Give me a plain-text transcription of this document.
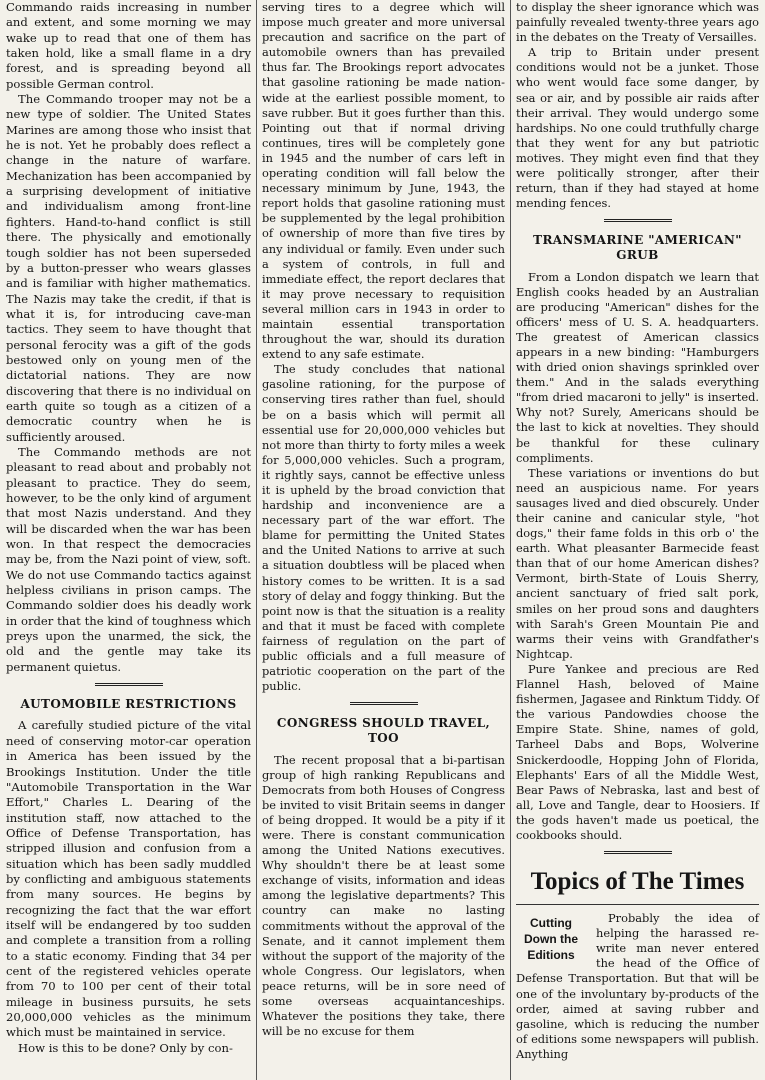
Commando raids increasing in number and extent, and some morning we may wake up to read that one of them has taken hold, like a small flame in a dry forest, and is spreading beyond all possible German control.

The Commando trooper may not be a new type of soldier. The United States Marines are among those who insist that he is not. Yet he probably does reflect a change in the nature of warfare. Mechanization has been accompanied by a surprising development of initiative and individualism among front-line fighters. Hand-to-hand conflict is still there. The physically and emotionally tough soldier has not been superseded by a button-presser who wears glasses and is familiar with higher mathematics. The Nazis may take the credit, if that is what it is, for introducing cave-man tactics. They seem to have thought that personal ferocity was a gift of the gods bestowed only on young men of the dictatorial nations. They are now discovering that there is no individual on earth quite so tough as a citizen of a democratic country when he is sufficiently aroused.

The Commando methods are not pleasant to read about and probably not pleasant to practice. They do seem, however, to be the only kind of argument that most Nazis understand. And they will be discarded when the war has been won. In that respect the democracies may be, from the Nazi point of view, soft. We do not use Commando tactics against helpless civilians in prison camps. The Commando soldier does his deadly work in order that the kind of toughness which preys upon the unarmed, the sick, the old and the gentle may take its permanent quietus.

AUTOMOBILE RESTRICTIONS

A carefully studied picture of the vital need of conserving motor-car operation in America has been issued by the Brookings Institution. Under the title "Automobile Transportation in the War Effort," Charles L. Dearing of the institution staff, now attached to the Office of Defense Transportation, has stripped illusion and confusion from a situation which has been sadly muddled by conflicting and ambiguous statements from many sources. He begins by recognizing the fact that the war effort itself will be endangered by too sudden and complete a transition from a rolling to a static economy. Finding that 34 per cent of the registered vehicles operate from 70 to 100 per cent of their total mileage in business pursuits, he sets 20,000,000 vehicles as the minimum which must be maintained in service.

How is this to be done? Only by con-

serving tires to a degree which will impose much greater and more universal precaution and sacrifice on the part of automobile owners than has prevailed thus far. The Brookings report advocates that gasoline rationing be made nation-wide at the earliest possible moment, to save rubber. But it goes further than this. Pointing out that if normal driving continues, tires will be completely gone in 1945 and the number of cars left in operating condition will fall below the necessary minimum by June, 1943, the report holds that gasoline rationing must be supplemented by the legal prohibition of ownership of more than five tires by any individual or family. Even under such a system of controls, in full and immediate effect, the report declares that it may prove necessary to requisition several million cars in 1943 in order to maintain essential transportation throughout the war, should its duration extend to any safe estimate.

The study concludes that national gasoline rationing, for the purpose of conserving tires rather than fuel, should be on a basis which will permit all essential use for 20,000,000 vehicles but not more than thirty to forty miles a week for 5,000,000 vehicles. Such a program, it rightly says, cannot be effective unless it is upheld by the broad conviction that hardship and inconvenience are a necessary part of the war effort. The blame for permitting the United States and the United Nations to arrive at such a situation doubtless will be placed when history comes to be written. It is a sad story of delay and foggy thinking. But the point now is that the situation is a reality and that it must be faced with complete fairness of regulation on the part of public officials and a full measure of patriotic cooperation on the part of the public.

CONGRESS SHOULD TRAVEL, TOO

The recent proposal that a bi-partisan group of high ranking Republicans and Democrats from both Houses of Congress be invited to visit Britain seems in danger of being dropped. It would be a pity if it were. There is constant communication among the United Nations executives. Why shouldn't there be at least some exchange of visits, information and ideas among the legislative departments? This country can make no lasting commitments without the approval of the Senate, and it cannot implement them without the support of the majority of the whole Congress. Our legislators, when peace returns, will be in sore need of some overseas acquaintanceships. Whatever the positions they take, there will be no excuse for them

to display the sheer ignorance which was painfully revealed twenty-three years ago in the debates on the Treaty of Versailles.

A trip to Britain under present conditions would not be a junket. Those who went would face some danger, by sea or air, and by possible air raids after their arrival. They would undergo some hardships. No one could truthfully charge that they went for any but patriotic motives. They might even find that they were politically stronger, after their return, than if they had stayed at home mending fences.

TRANSMARINE "AMERICAN" GRUB

From a London dispatch we learn that English cooks headed by an Australian are producing "American" dishes for the officers' mess of U. S. A. headquarters. The greatest of American classics appears in a new binding: "Hamburgers with dried onion shavings sprinkled over them." And in the salads everything "from dried macaroni to jelly" is inserted. Why not? Surely, Americans should be the last to kick at novelties. They should be thankful for these culinary compliments.

These variations or inventions do but need an auspicious name. For years sausages lived and died obscurely. Under their canine and canicular style, "hot dogs," their fame folds in this orb o' the earth. What pleasanter Barmecide feast than that of our home American dishes? Vermont, birth-State of Louis Sherry, ancient sanctuary of fried salt pork, smiles on her proud sons and daughters with Sarah's Green Mountain Pie and warms their veins with Grandfather's Nightcap.

Pure Yankee and precious are Red Flannel Hash, beloved of Maine fishermen, Jagasee and Rinktum Tiddy. Of the various Pandowdies choose the Empire State. Shine, names of gold, Tarheel Dabs and Bops, Wolverine Snickerdoodle, Hopping John of Florida, Elephants' Ears of all the Middle West, Bear Paws of Nebraska, last and best of all, Love and Tangle, dear to Hoosiers. If the gods haven't made us poetical, the cookbooks should.

Topics of The Times
Cutting Down the Editions

Probably the idea of helping the harassed re-write man never entered the head of the Office of Defense Transportation. But that will be one of the involuntary by-products of the order, aimed at saving rubber and gasoline, which is reducing the number of editions some newspapers will publish. Anything
